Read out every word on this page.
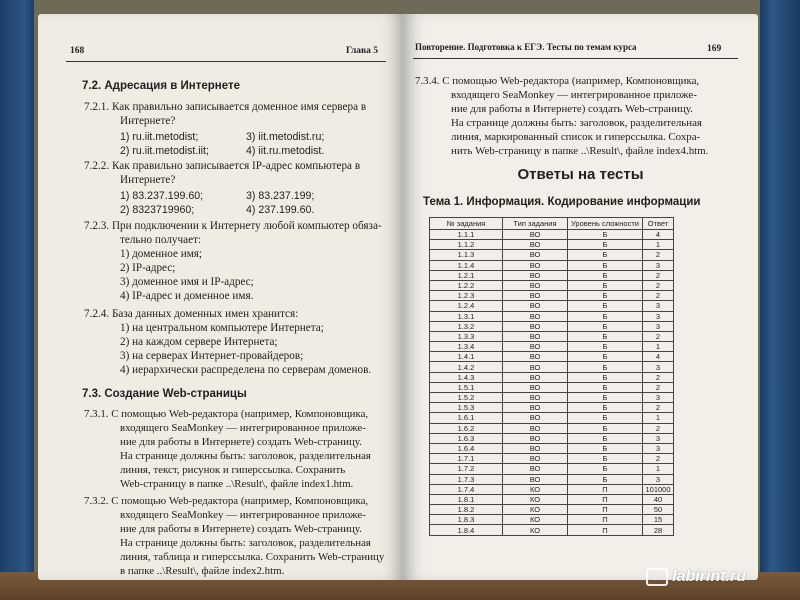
168	Глава 5
7.2. Адресация в Интернете
7.2.1. Как правильно записывается доменное имя сервера в
Интернете?
1) ru.iit.metodist;
2) ru.iit.metodist.iit;
3) iit.metodist.ru;
4) iit.ru.metodist.
7.2.2. Как правильно записывается IP-адрес компьютера в
Интернете?
1) 83.237.199.60;
2) 8323719960;
3) 83.237.199;
4) 237.199.60.
7.2.3. При подключении к Интернету любой компьютер обяза-
тельно получает:
1) доменное имя;
2) IP-адрес;
3) доменное имя и IP-адрес;
4) IP-адрес и доменное имя.
7.2.4. База данных доменных имен хранится:
1) на центральном компьютере Интернета;
2) на каждом сервере Интернета;
3) на серверах Интернет-провайдеров;
4) иерархически распределена по серверам доменов.
7.3. Создание Web-страницы
7.3.1. С помощью Web-редактора (например, Компоновщика,
входящего SeaMonkey — интегрированное приложе-
ние для работы в Интернете) создать Web-страницу.
На странице должны быть: заголовок, разделительная
линия, текст, рисунок и гиперссылка. Сохранить
Web-страницу в папке ..\Result\, файле index1.htm.
7.3.2. С помощью Web-редактора (например, Компоновщика,
входящего SeaMonkey — интегрированное приложе-
ние для работы в Интернете) создать Web-страницу.
На странице должны быть: заголовок, разделительная
линия, таблица и гиперссылка. Сохранить Web-страницу
в папке ..\Result\, файле index2.htm.
Повторение. Подготовка к ЕГЭ. Тесты по темам курса	169
7.3.4. С помощью Web-редактора (например, Компоновщика,
входящего SeaMonkey — интегрированное приложе-
ние для работы в Интернете) создать Web-страницу.
На странице должны быть: заголовок, разделительная
линия, маркированный список и гиперссылка. Сохра-
нить Web-страницу в папке ..\Result\, файле index4.htm.
Ответы на тесты
Тема 1. Информация. Кодирование информации
№ задания	Тип задания	Уровень сложности	Ответ
1.1.1	ВО	Б	4
1.1.2	ВО	Б	1
1.1.3	ВО	Б	2
1.1.4	ВО	Б	3
1.2.1	ВО	Б	2
1.2.2	ВО	Б	2
1.2.3	ВО	Б	2
1.2.4	ВО	Б	3
1.3.1	ВО	Б	3
1.3.2	ВО	Б	3
1.3.3	ВО	Б	2
1.3.4	ВО	Б	1
1.4.1	ВО	Б	4
1.4.2	ВО	Б	3
1.4.3	ВО	Б	2
1.5.1	ВО	Б	2
1.5.2	ВО	Б	3
1.5.3	ВО	Б	2
1.6.1	ВО	Б	1
1.6.2	ВО	Б	2
1.6.3	ВО	Б	3
1.6.4	ВО	Б	3
1.7.1	ВО	Б	2
1.7.2	ВО	Б	1
1.7.3	ВО	Б	3
1.7.4	КО	П	101000
1.8.1	КО	П	40
1.8.2	КО	П	50
1.8.3	КО	П	15
1.8.4	КО	П	28
labirint.ru
